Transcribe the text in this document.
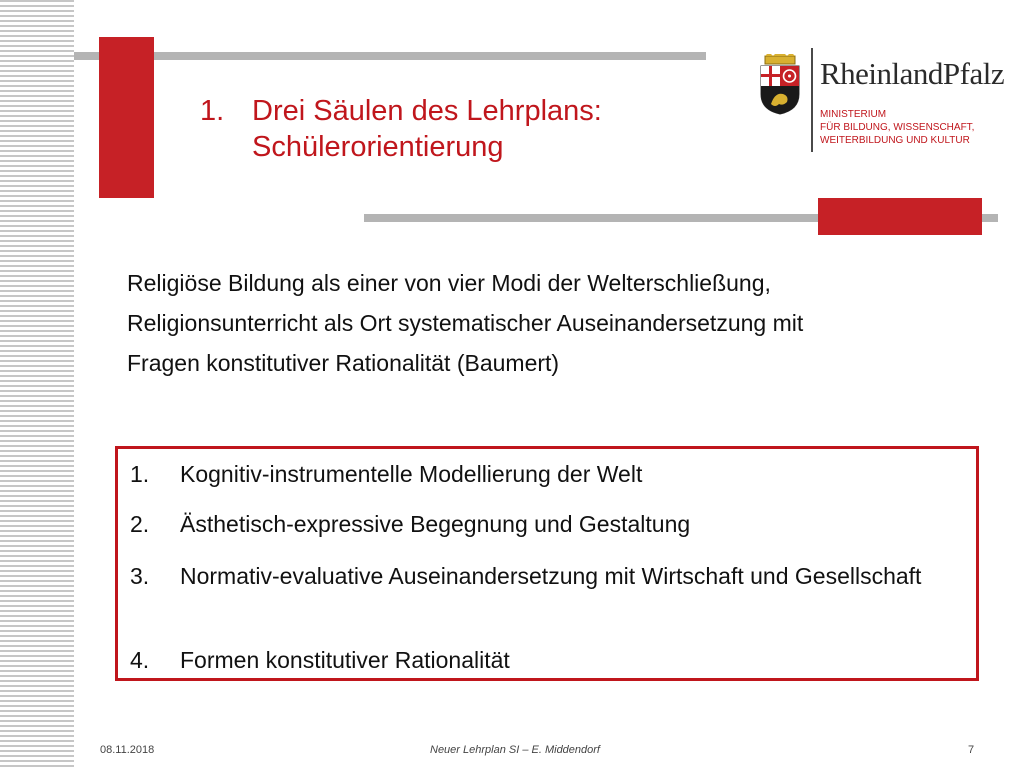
1. Drei Säulen des Lehrplans: Schülerorientierung
RheinlandPfalz
MINISTERIUM
FÜR BILDUNG, WISSENSCHAFT,
WEITERBILDUNG UND KULTUR
Religiöse Bildung als einer von vier Modi der Welterschließung,
Religionsunterricht als Ort systematischer Auseinandersetzung mit
Fragen konstitutiver Rationalität (Baumert)
1. Kognitiv-instrumentelle Modellierung der Welt
2. Ästhetisch-expressive Begegnung und Gestaltung
3. Normativ-evaluative Auseinandersetzung mit Wirtschaft und Gesellschaft
4. Formen konstitutiver Rationalität
08.11.2018	Neuer Lehrplan SI – E. Middendorf	7
